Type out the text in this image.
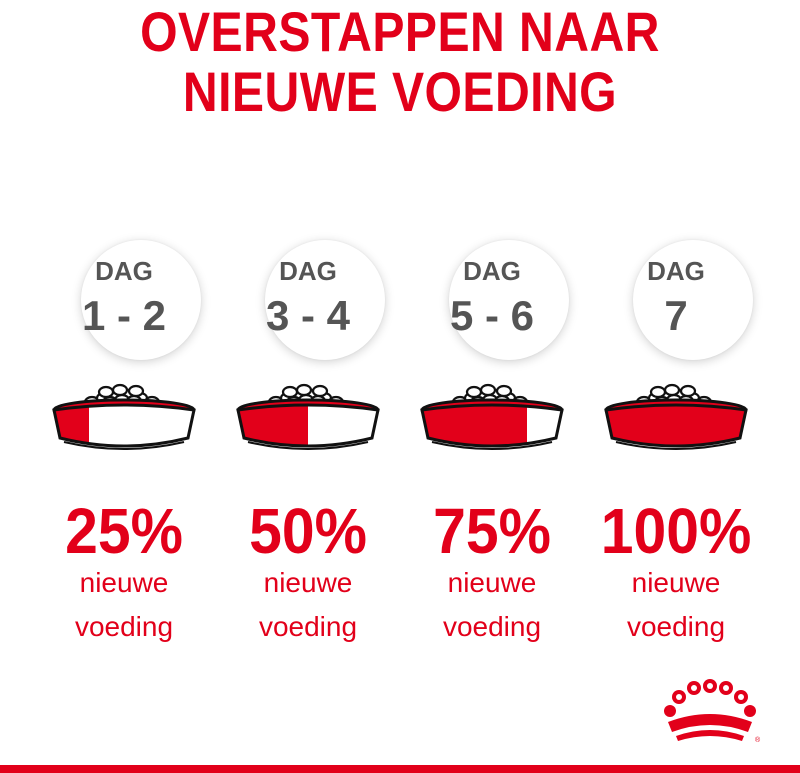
OVERSTAPPEN NAAR
NIEUWE VOEDING
DAG
1 - 2
25%
nieuwe
voeding
DAG
3 - 4
50%
nieuwe
voeding
DAG
5 - 6
75%
nieuwe
voeding
DAG
7
100%
nieuwe
voeding
®
